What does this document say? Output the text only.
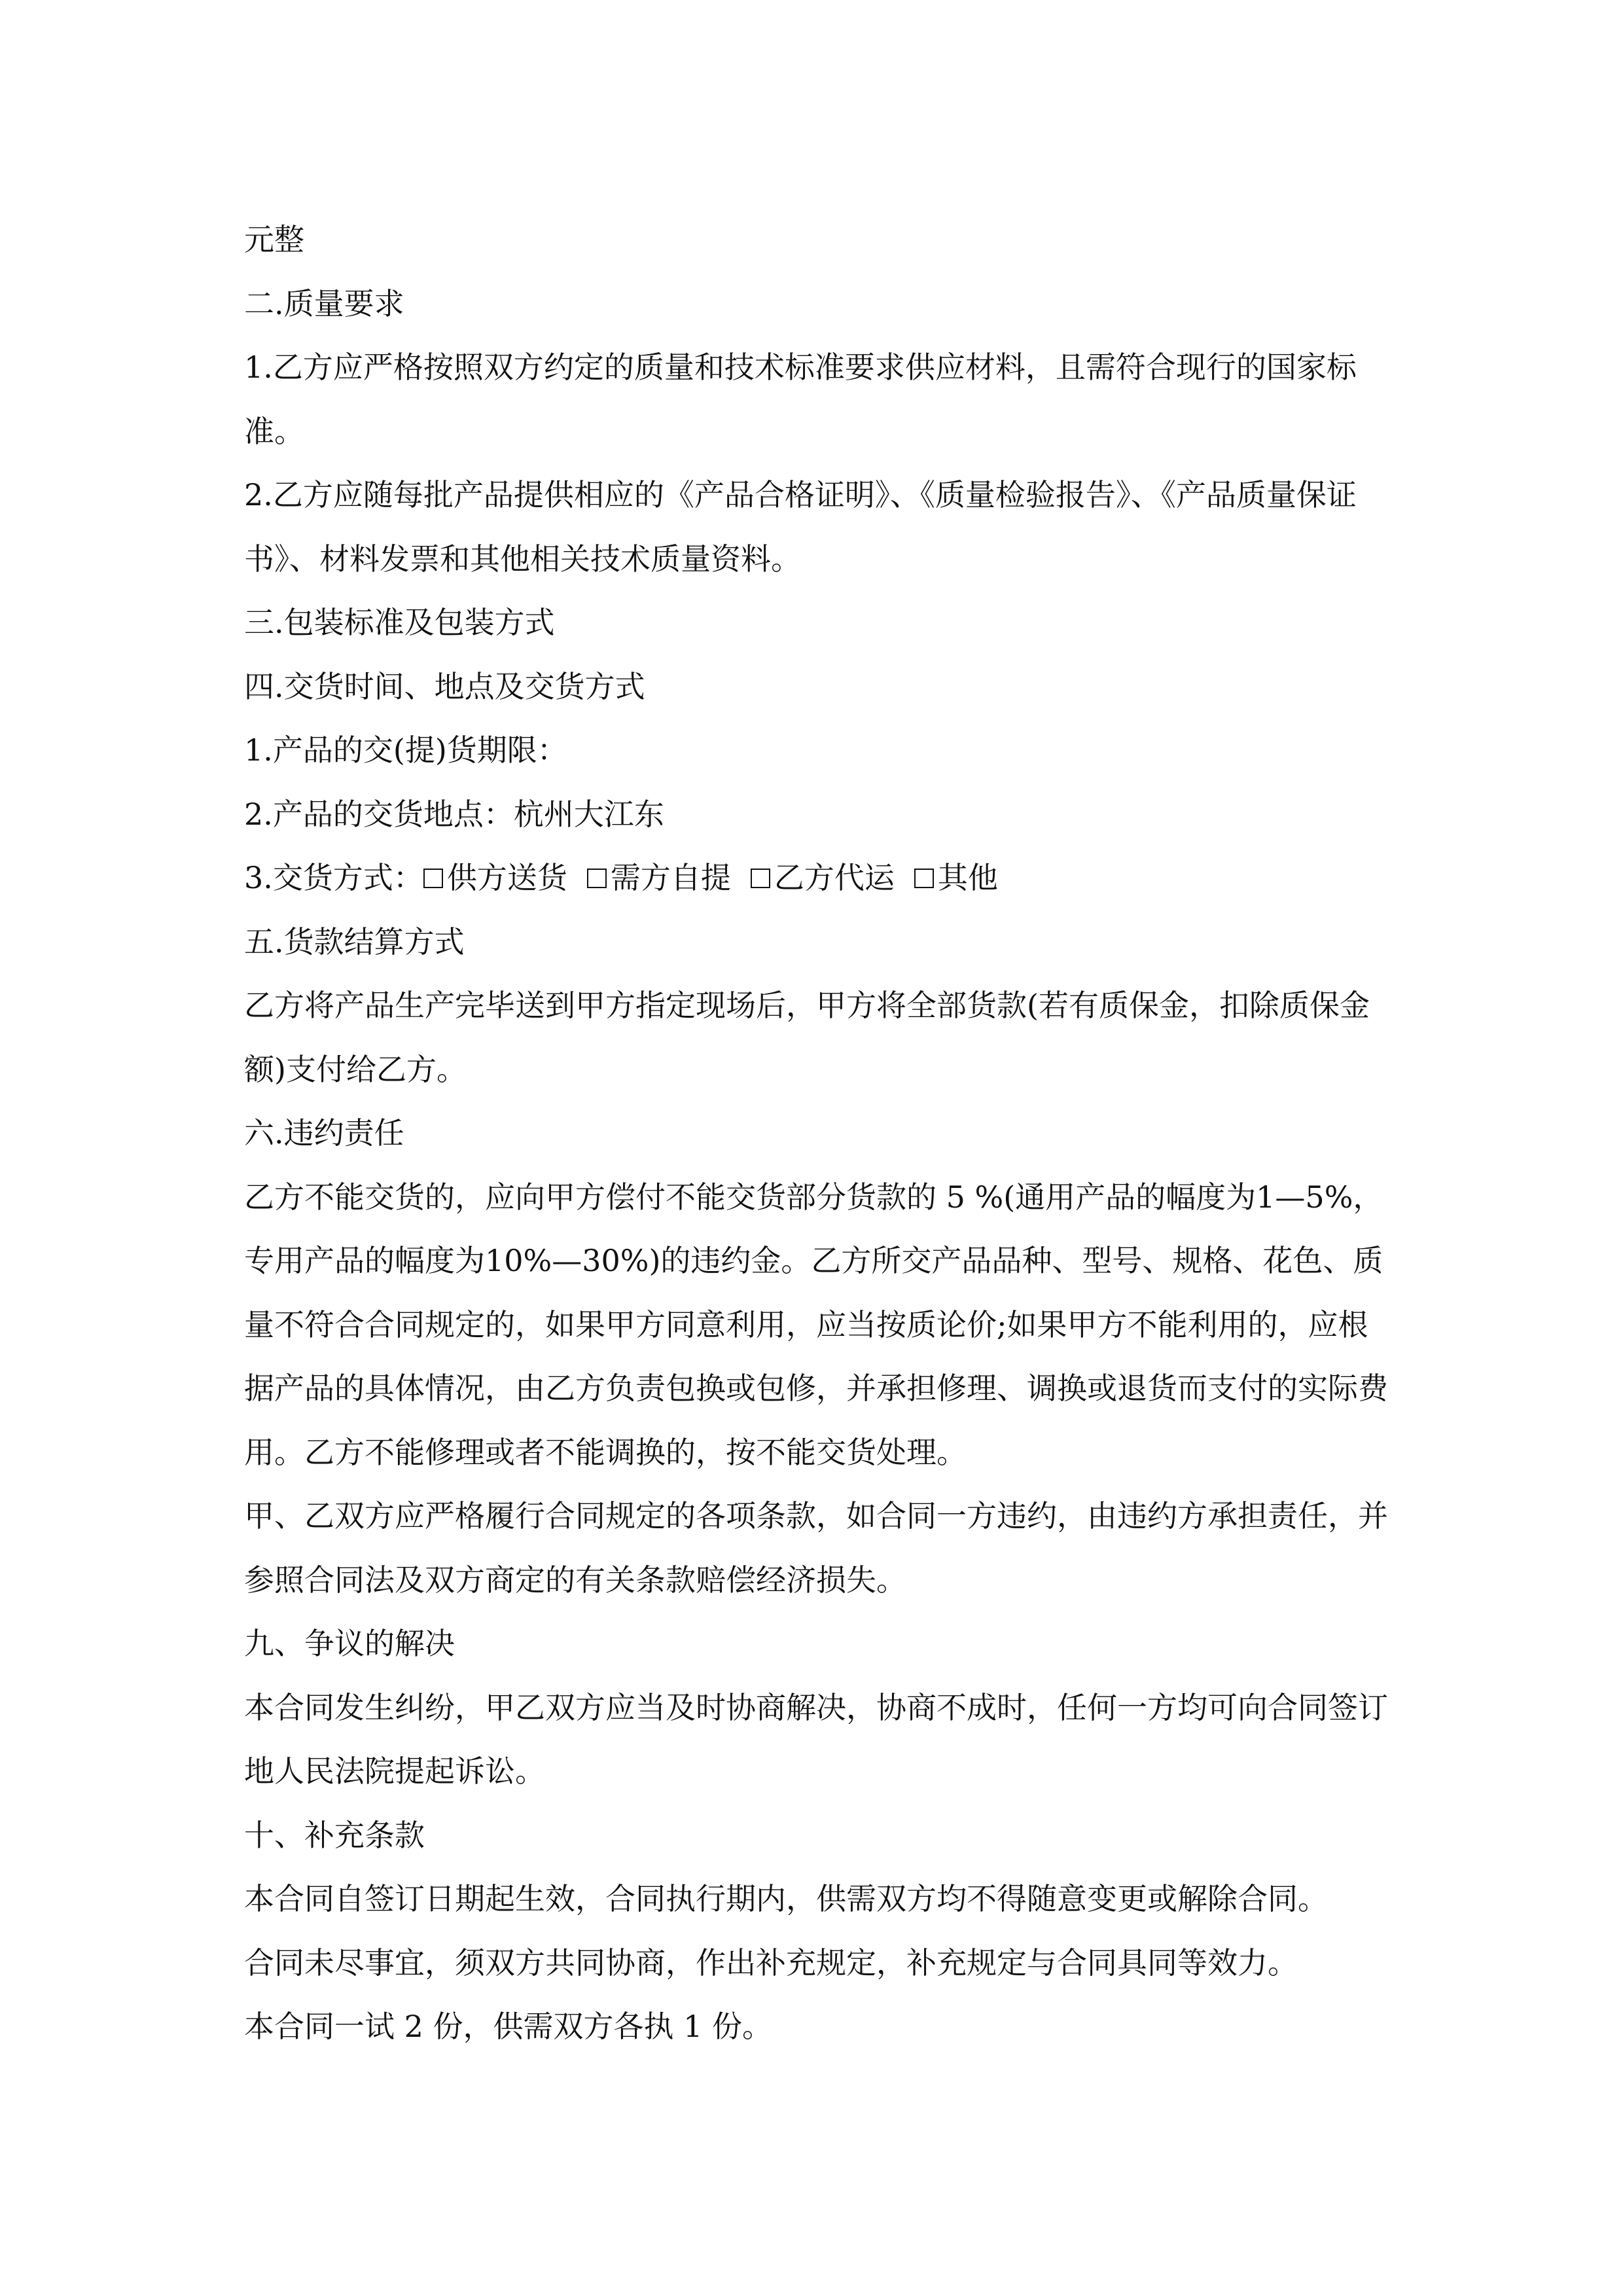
元整

二.质量要求

1.乙方应严格按照双方约定的质量和技术标准要求供应材料，且需符合现行的国家标准。

2.乙方应随每批产品提供相应的《产品合格证明》、《质量检验报告》、《产品质量保证书》、材料发票和其他相关技术质量资料。

三.包装标准及包装方式

四.交货时间、地点及交货方式

1.产品的交(提)货期限：

2.产品的交货地点：杭州大江东

3.交货方式： 供方送货 需方自提 乙方代运 其他

五.货款结算方式

乙方将产品生产完毕送到甲方指定现场后，甲方将全部货款(若有质保金，扣除质保金额)支付给乙方。

六.违约责任

乙方不能交货的，应向甲方偿付不能交货部分货款的 5 %(通用产品的幅度为1—5%，专用产品的幅度为10%—30%)的违约金。乙方所交产品品种、型号、规格、花色、质量不符合合同规定的，如果甲方同意利用，应当按质论价;如果甲方不能利用的，应根据产品的具体情况，由乙方负责包换或包修，并承担修理、调换或退货而支付的实际费用。乙方不能修理或者不能调换的，按不能交货处理。

甲、乙双方应严格履行合同规定的各项条款，如合同一方违约，由违约方承担责任，并参照合同法及双方商定的有关条款赔偿经济损失。

九、争议的解决

本合同发生纠纷，甲乙双方应当及时协商解决，协商不成时，任何一方均可向合同签订地人民法院提起诉讼。

十、补充条款

本合同自签订日期起生效，合同执行期内，供需双方均不得随意变更或解除合同。

合同未尽事宜，须双方共同协商，作出补充规定，补充规定与合同具同等效力。

本合同一试 2 份，供需双方各执 1 份。
